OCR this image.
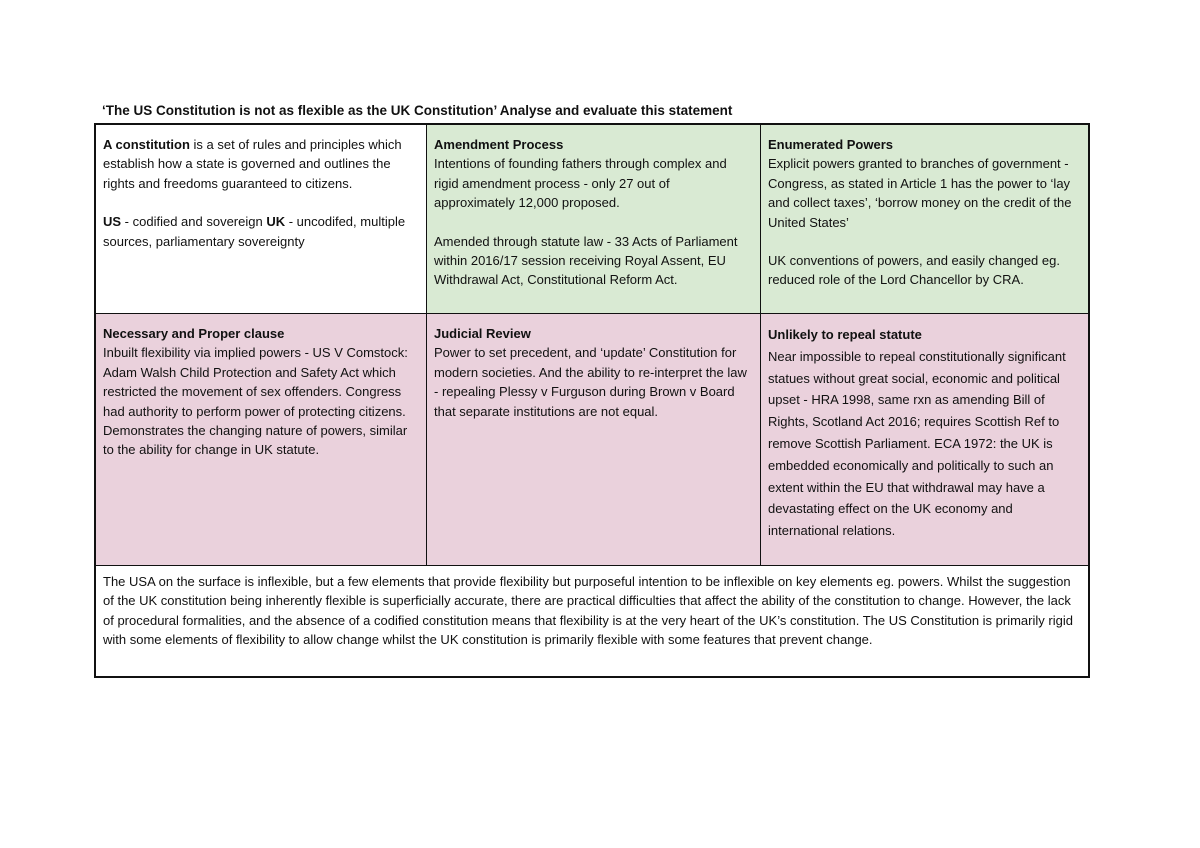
‘The US Constitution is not as flexible as the UK Constitution’ Analyse and evaluate this statement
A constitution is a set of rules and principles which establish how a state is governed and outlines the rights and freedoms guaranteed to citizens.
US - codified and sovereign UK - uncodifed, multiple sources, parliamentary sovereignty
Amendment Process
Intentions of founding fathers through complex and rigid amendment process - only 27 out of approximately 12,000 proposed.
Amended through statute law - 33 Acts of Parliament within 2016/17 session receiving Royal Assent, EU Withdrawal Act, Constitutional Reform Act.
Enumerated Powers
Explicit powers granted to branches of government - Congress, as stated in Article 1 has the power to ‘lay and collect taxes’, ‘borrow money on the credit of the United States’
UK conventions of powers, and easily changed eg. reduced role of the Lord Chancellor by CRA.
Necessary and Proper clause
Inbuilt flexibility via implied powers - US V Comstock: Adam Walsh Child Protection and Safety Act which restricted the movement of sex offenders. Congress had authority to perform power of protecting citizens. Demonstrates the changing nature of powers, similar to the ability for change in UK statute.
Judicial Review
Power to set precedent, and ‘update’ Constitution for modern societies. And the ability to re-interpret the law - repealing Plessy v Furguson during Brown v Board that separate institutions are not equal.
Unlikely to repeal statute
Near impossible to repeal constitutionally significant statues without great social, economic and political upset - HRA 1998, same rxn as amending Bill of Rights, Scotland Act 2016; requires Scottish Ref to remove Scottish Parliament. ECA 1972: the UK is embedded economically and politically to such an extent within the EU that withdrawal may have a devastating effect on the UK economy and international relations.
The USA on the surface is inflexible, but a few elements that provide flexibility but purposeful intention to be inflexible on key elements eg. powers. Whilst the suggestion of the UK constitution being inherently flexible is superficially accurate, there are practical difficulties that affect the ability of the constitution to change. However, the lack of procedural formalities, and the absence of a codified constitution means that flexibility is at the very heart of the UK’s constitution. The US Constitution is primarily rigid with some elements of flexibility to allow change whilst the UK constitution is primarily flexible with some features that prevent change.
